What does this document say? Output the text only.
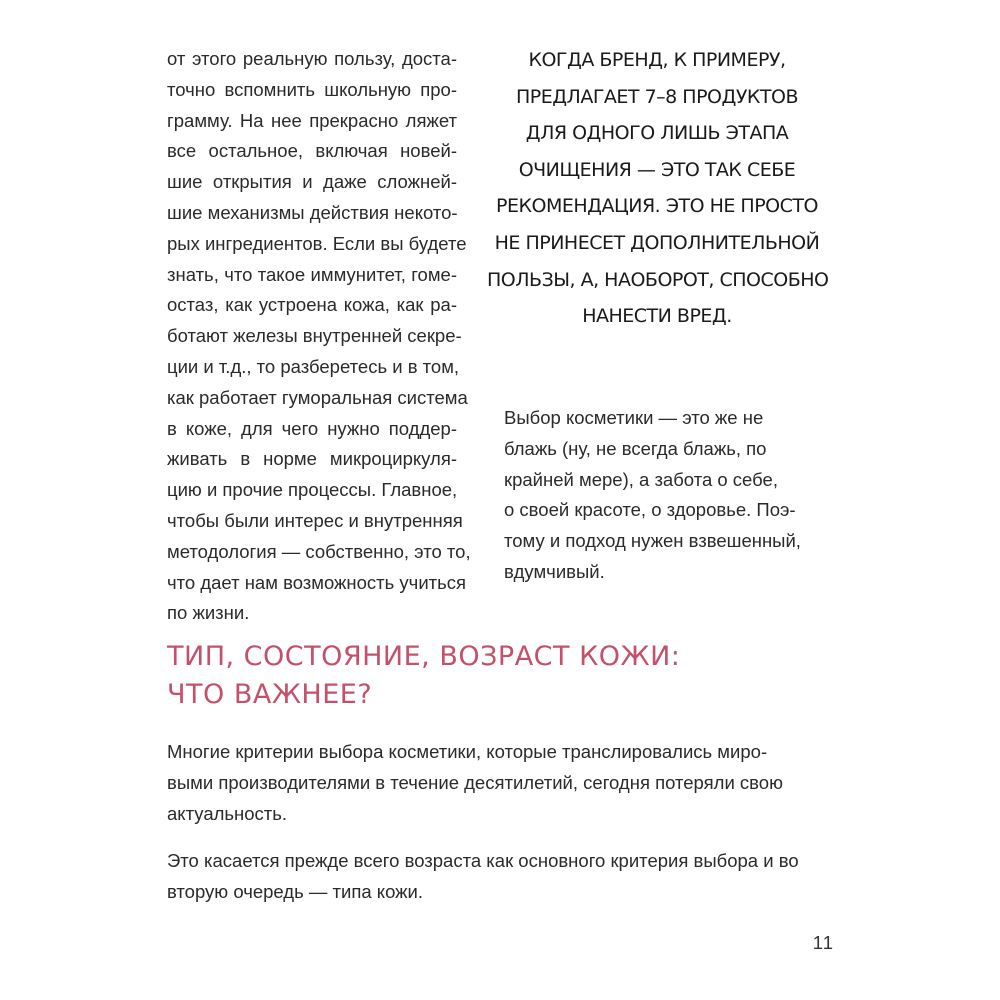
от этого реальную пользу, доста-
точно вспомнить школьную про-
грамму. На нее прекрасно ляжет
все остальное, включая новей-
шие открытия и даже сложней-
шие механизмы действия некото-
рых ингредиентов. Если вы будете
знать, что такое иммунитет, гоме-
остаз, как устроена кожа, как ра-
ботают железы внутренней секре-
ции и т.д., то разберетесь и в том,
как работает гуморальная система
в коже, для чего нужно поддер-
живать в норме микроциркуля-
цию и прочие процессы. Главное,
чтобы были интерес и внутренняя
методология — собственно, это то,
что дает нам возможность учиться
по жизни.
КОГДА БРЕНД, К ПРИМЕРУ,
ПРЕДЛАГАЕТ 7–8 ПРОДУКТОВ
ДЛЯ ОДНОГО ЛИШЬ ЭТАПА
ОЧИЩЕНИЯ — ЭТО ТАК СЕБЕ
РЕКОМЕНДАЦИЯ. ЭТО НЕ ПРОСТО
НЕ ПРИНЕСЕТ ДОПОЛНИТЕЛЬНОЙ
ПОЛЬЗЫ, А, НАОБОРОТ, СПОСОБНО
НАНЕСТИ ВРЕД.
Выбор косметики — это же не
блажь (ну, не всегда блажь, по
крайней мере), а забота о себе,
о своей красоте, о здоровье. Поэ-
тому и подход нужен взвешенный,
вдумчивый.
ТИП, СОСТОЯНИЕ, ВОЗРАСТ КОЖИ:
ЧТО ВАЖНЕЕ?
Многие критерии выбора косметики, которые транслировались миро-
выми производителями в течение десятилетий, сегодня потеряли свою
актуальность.
Это касается прежде всего возраста как основного критерия выбора и во
вторую очередь — типа кожи.
11
